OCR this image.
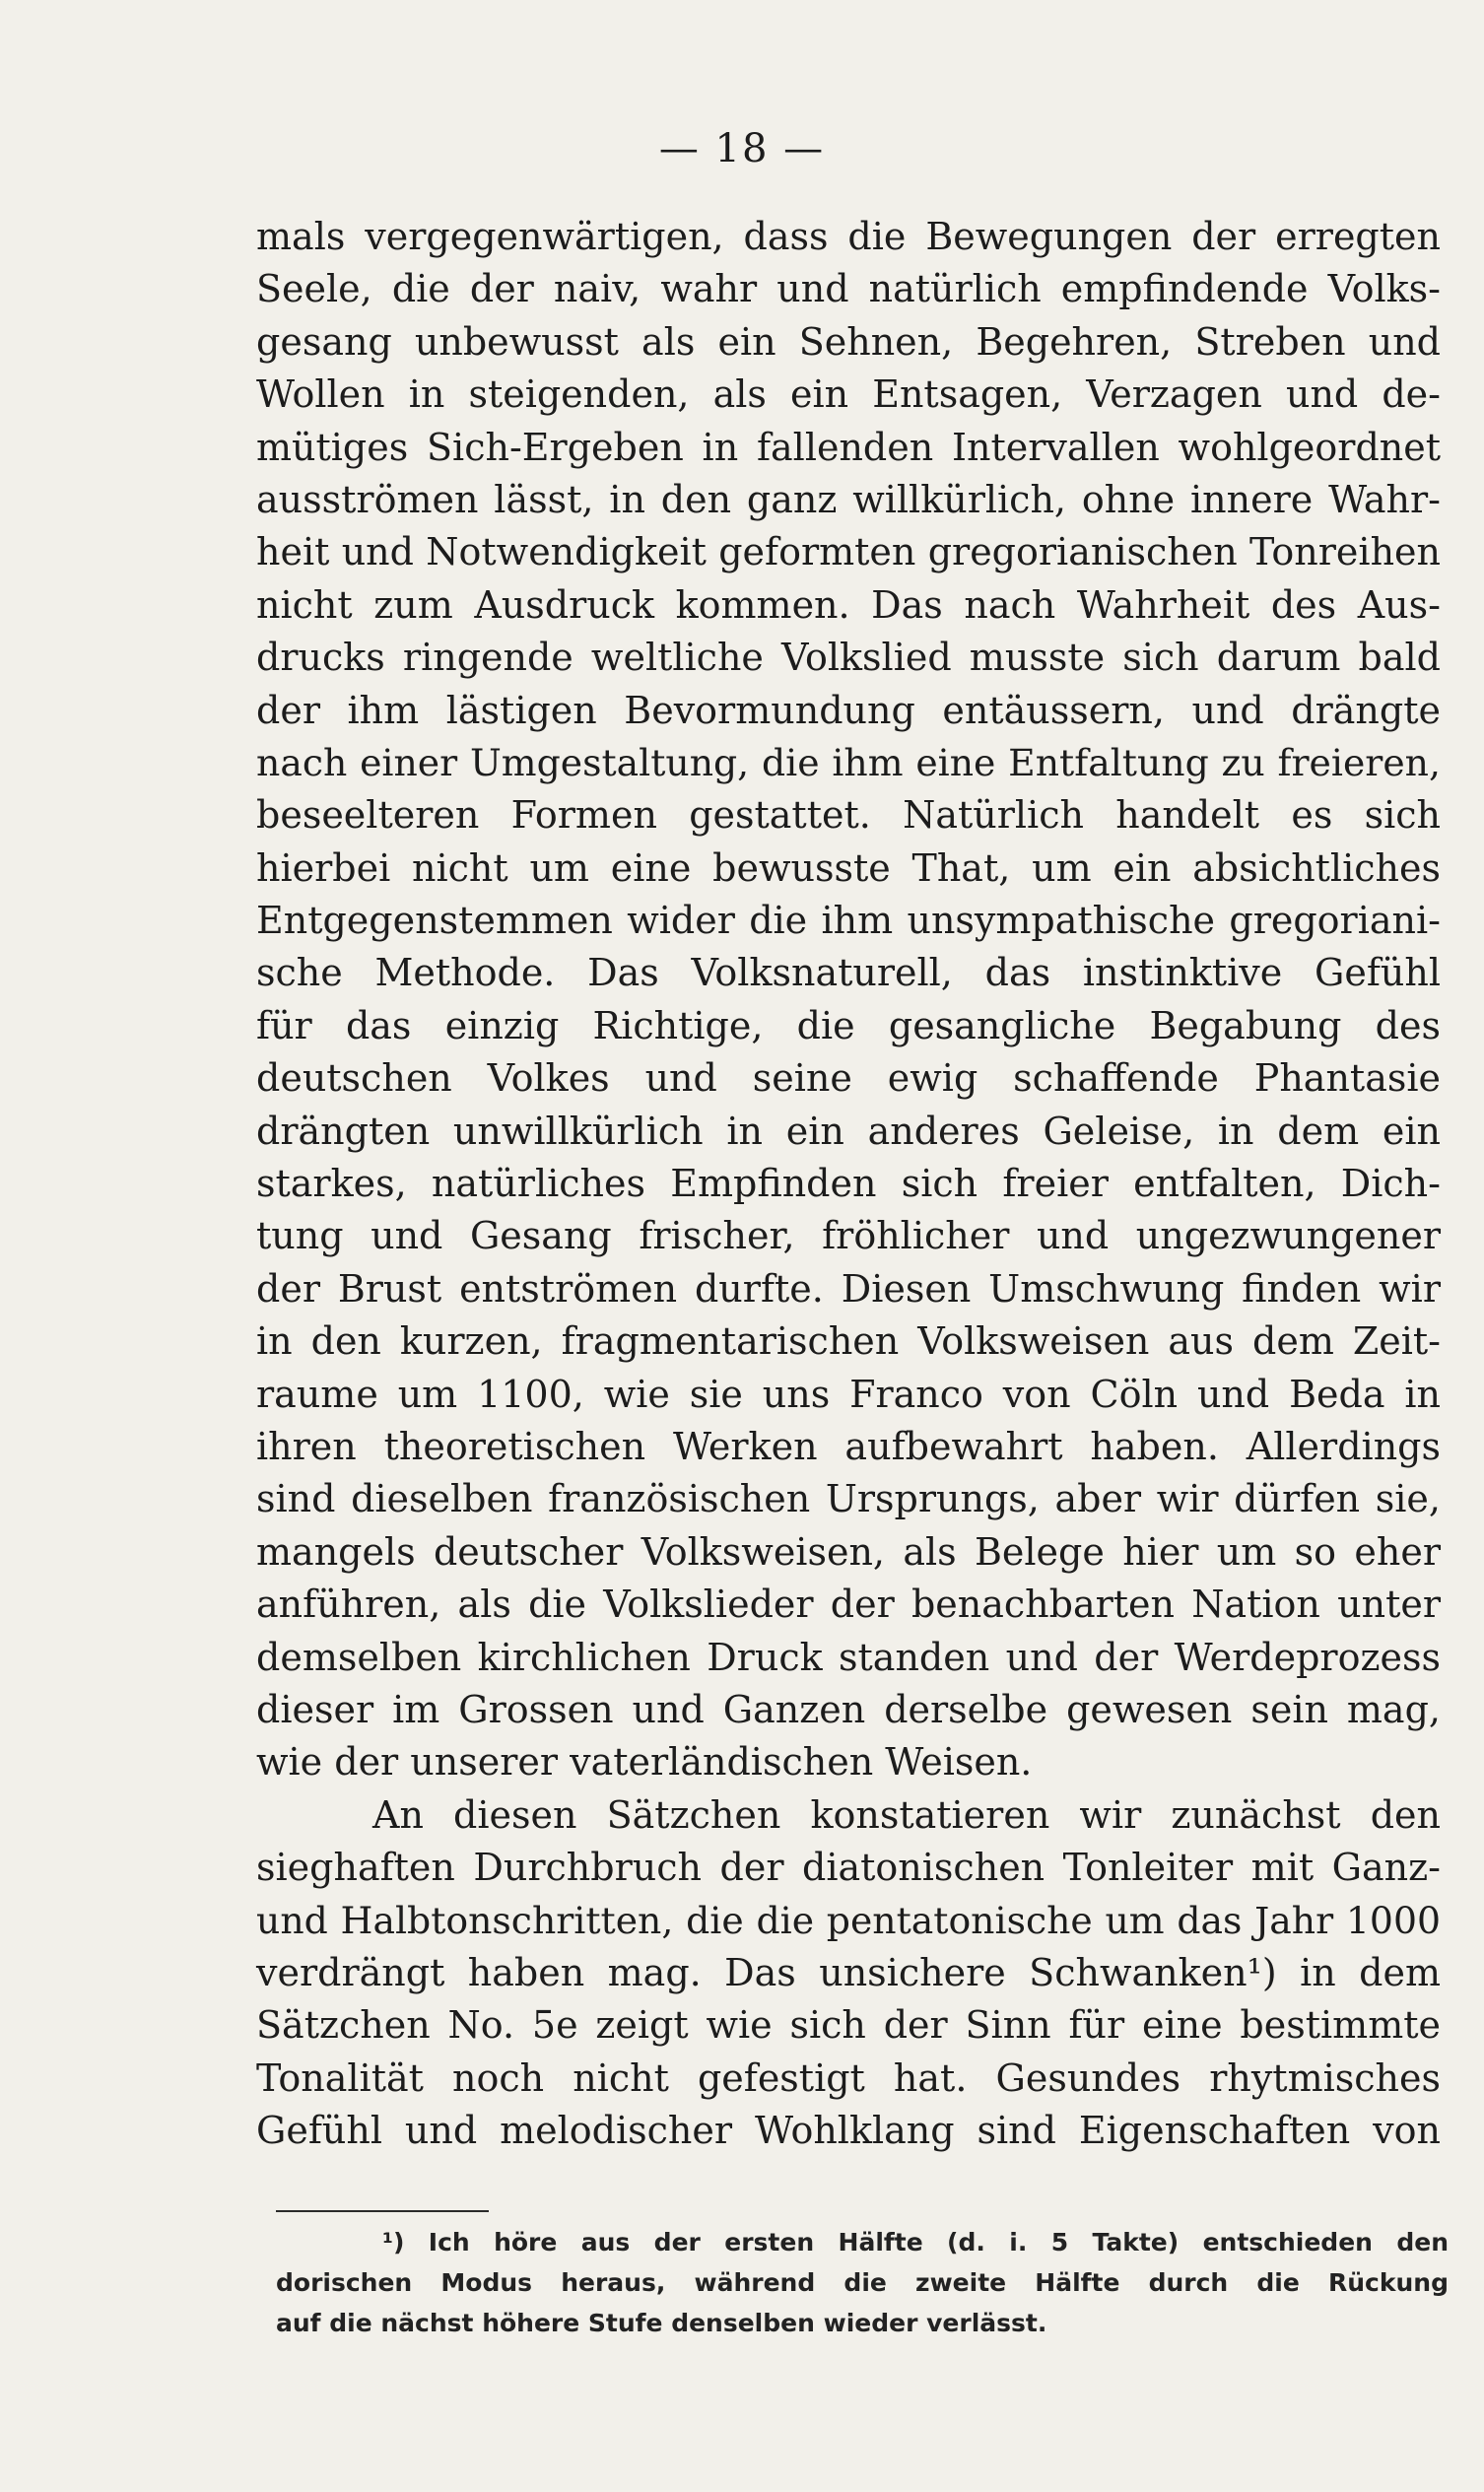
— 18 —
mals vergegenwärtigen, dass die Bewegungen der erregten
Seele, die der naiv, wahr und natürlich empfindende Volks-
gesang unbewusst als ein Sehnen, Begehren, Streben und
Wollen in steigenden, als ein Entsagen, Verzagen und de-
mütiges Sich-Ergeben in fallenden Intervallen wohlgeordnet
ausströmen lässt, in den ganz willkürlich, ohne innere Wahr-
heit und Notwendigkeit geformten gregorianischen Tonreihen
nicht zum Ausdruck kommen. Das nach Wahrheit des Aus-
drucks ringende weltliche Volkslied musste sich darum bald
der ihm lästigen Bevormundung entäussern, und drängte
nach einer Umgestaltung, die ihm eine Entfaltung zu freieren,
beseelteren Formen gestattet. Natürlich handelt es sich
hierbei nicht um eine bewusste That, um ein absichtliches
Entgegenstemmen wider die ihm unsympathische gregoriani-
sche Methode. Das Volksnaturell, das instinktive Gefühl
für das einzig Richtige, die gesangliche Begabung des
deutschen Volkes und seine ewig schaffende Phantasie
drängten unwillkürlich in ein anderes Geleise, in dem ein
starkes, natürliches Empfinden sich freier entfalten, Dich-
tung und Gesang frischer, fröhlicher und ungezwungener
der Brust entströmen durfte. Diesen Umschwung finden wir
in den kurzen, fragmentarischen Volksweisen aus dem Zeit-
raume um 1100, wie sie uns Franco von Cöln und Beda in
ihren theoretischen Werken aufbewahrt haben. Allerdings
sind dieselben französischen Ursprungs, aber wir dürfen sie,
mangels deutscher Volksweisen, als Belege hier um so eher
anführen, als die Volkslieder der benachbarten Nation unter
demselben kirchlichen Druck standen und der Werdeprozess
dieser im Grossen und Ganzen derselbe gewesen sein mag,
wie der unserer vaterländischen Weisen.
An diesen Sätzchen konstatieren wir zunächst den
sieghaften Durchbruch der diatonischen Tonleiter mit Ganz-
und Halbtonschritten, die die pentatonische um das Jahr 1000
verdrängt haben mag. Das unsichere Schwanken¹) in dem
Sätzchen No. 5e zeigt wie sich der Sinn für eine bestimmte
Tonalität noch nicht gefestigt hat. Gesundes rhytmisches
Gefühl und melodischer Wohlklang sind Eigenschaften von
¹) Ich höre aus der ersten Hälfte (d. i. 5 Takte) entschieden den
dorischen Modus heraus, während die zweite Hälfte durch die Rückung
auf die nächst höhere Stufe denselben wieder verlässt.
